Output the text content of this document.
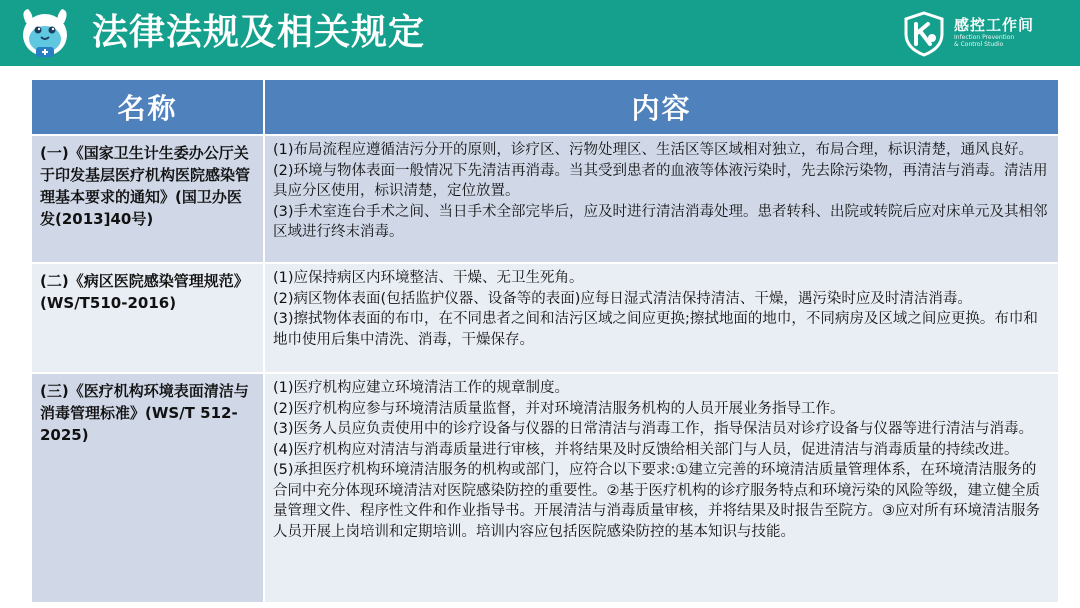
法律法规及相关规定	感控工作间
Infection Prevention
& Control Studio
名称	内容
(一)《国家卫生计生委办公厅关于印发基层医疗机构医院感染管理基本要求的通知》(国卫办医发(2013]40号)

(1)布局流程应遵循洁污分开的原则，诊疗区、污物处理区、生活区等区域相对独立，布局合理，标识清楚，通风良好。

(2)环境与物体表面一般情况下先清洁再消毒。当其受到患者的血液等体液污染时，先去除污染物，再清洁与消毒。清洁用具应分区使用，标识清楚，定位放置。

(3)手术室连台手术之间、当日手术全部完毕后，应及时进行清洁消毒处理。患者转科、出院或转院后应对床单元及其相邻区域进行终末消毒。

(二)《病区医院感染管理规范》(WS/T510-2016)

(1)应保持病区内环境整洁、干燥、无卫生死角。

(2)病区物体表面(包括监护仪器、设备等的表面)应每日湿式清洁保持清洁、干燥，遇污染时应及时清洁消毒。

(3)擦拭物体表面的布巾，在不同患者之间和洁污区域之间应更换;擦拭地面的地巾，不同病房及区域之间应更换。布巾和地巾使用后集中清洗、消毒，干燥保存。

(三)《医疗机构环境表面清洁与消毒管理标准》(WS/T 512-2025)

(1)医疗机构应建立环境清洁工作的规章制度。

(2)医疗机构应参与环境清洁质量监督，并对环境清洁服务机构的人员开展业务指导工作。

(3)医务人员应负责使用中的诊疗设备与仪器的日常清洁与消毒工作，指导保洁员对诊疗设备与仪器等进行清洁与消毒。

(4)医疗机构应对清洁与消毒质量进行审核，并将结果及时反馈给相关部门与人员，促进清洁与消毒质量的持续改进。

(5)承担医疗机构环境清洁服务的机构或部门，应符合以下要求:①建立完善的环境清洁质量管理体系，在环境清洁服务的合同中充分体现环境清洁对医院感染防控的重要性。②基于医疗机构的诊疗服务特点和环境污染的风险等级，建立健全质量管理文件、程序性文件和作业指导书。开展清洁与消毒质量审核，并将结果及时报告至院方。③应对所有环境清洁服务人员开展上岗培训和定期培训。培训内容应包括医院感染防控的基本知识与技能。
